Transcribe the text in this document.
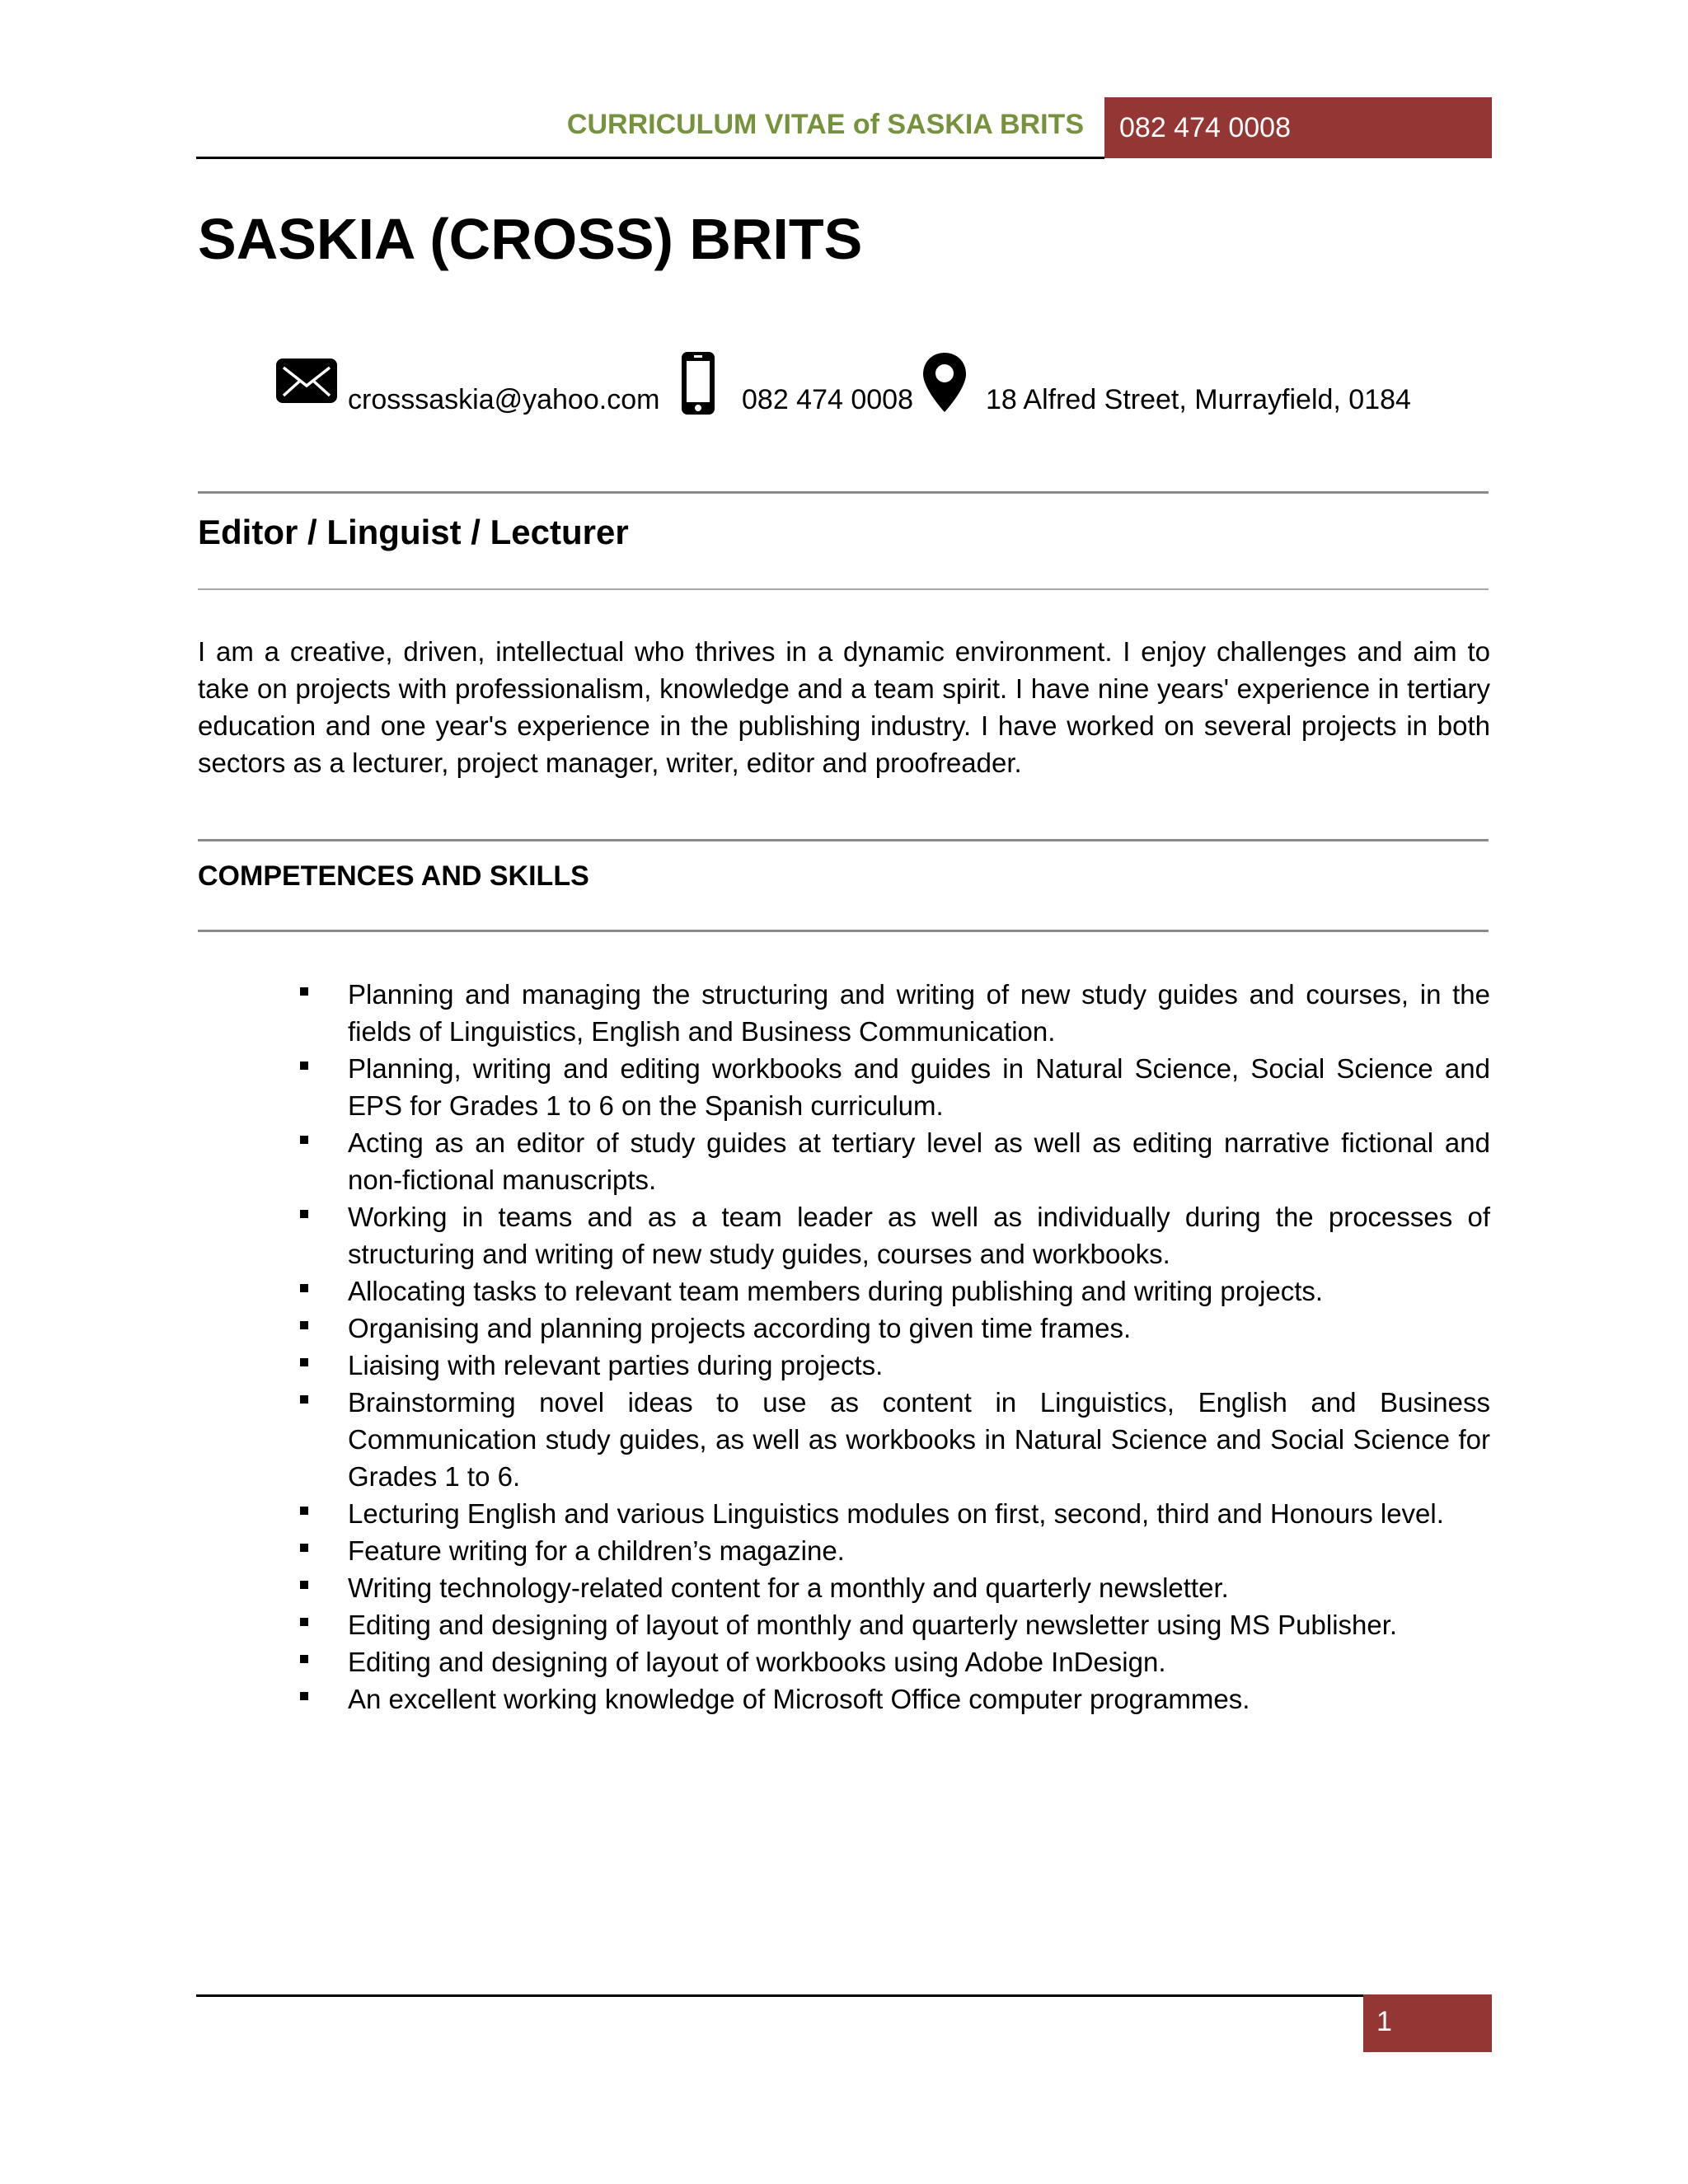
CURRICULUM VITAE of SASKIA BRITS 082 474 0008
SASKIA (CROSS) BRITS
crosssaskia@yahoo.com	082 474 0008	18 Alfred Street, Murrayfield, 0184
Editor / Linguist / Lecturer
I am a creative, driven, intellectual who thrives in a dynamic environment. I enjoy challenges and aim to take on projects with professionalism, knowledge and a team spirit. I have nine years' experience in tertiary education and one year's experience in the publishing industry. I have worked on several projects in both sectors as a lecturer, project manager, writer, editor and proofreader.
COMPETENCES AND SKILLS
Planning and managing the structuring and writing of new study guides and courses, in the fields of Linguistics, English and Business Communication.
Planning, writing and editing workbooks and guides in Natural Science, Social Science and EPS for Grades 1 to 6 on the Spanish curriculum.
Acting as an editor of study guides at tertiary level as well as editing narrative fictional and non-fictional manuscripts.
Working in teams and as a team leader as well as individually during the processes of structuring and writing of new study guides, courses and workbooks.
Allocating tasks to relevant team members during publishing and writing projects.
Organising and planning projects according to given time frames.
Liaising with relevant parties during projects.
Brainstorming novel ideas to use as content in Linguistics, English and Business Communication study guides, as well as workbooks in Natural Science and Social Science for Grades 1 to 6.
Lecturing English and various Linguistics modules on first, second, third and Honours level.
Feature writing for a children’s magazine.
Writing technology-related content for a monthly and quarterly newsletter.
Editing and designing of layout of monthly and quarterly newsletter using MS Publisher.
Editing and designing of layout of workbooks using Adobe InDesign.
An excellent working knowledge of Microsoft Office computer programmes.
1
